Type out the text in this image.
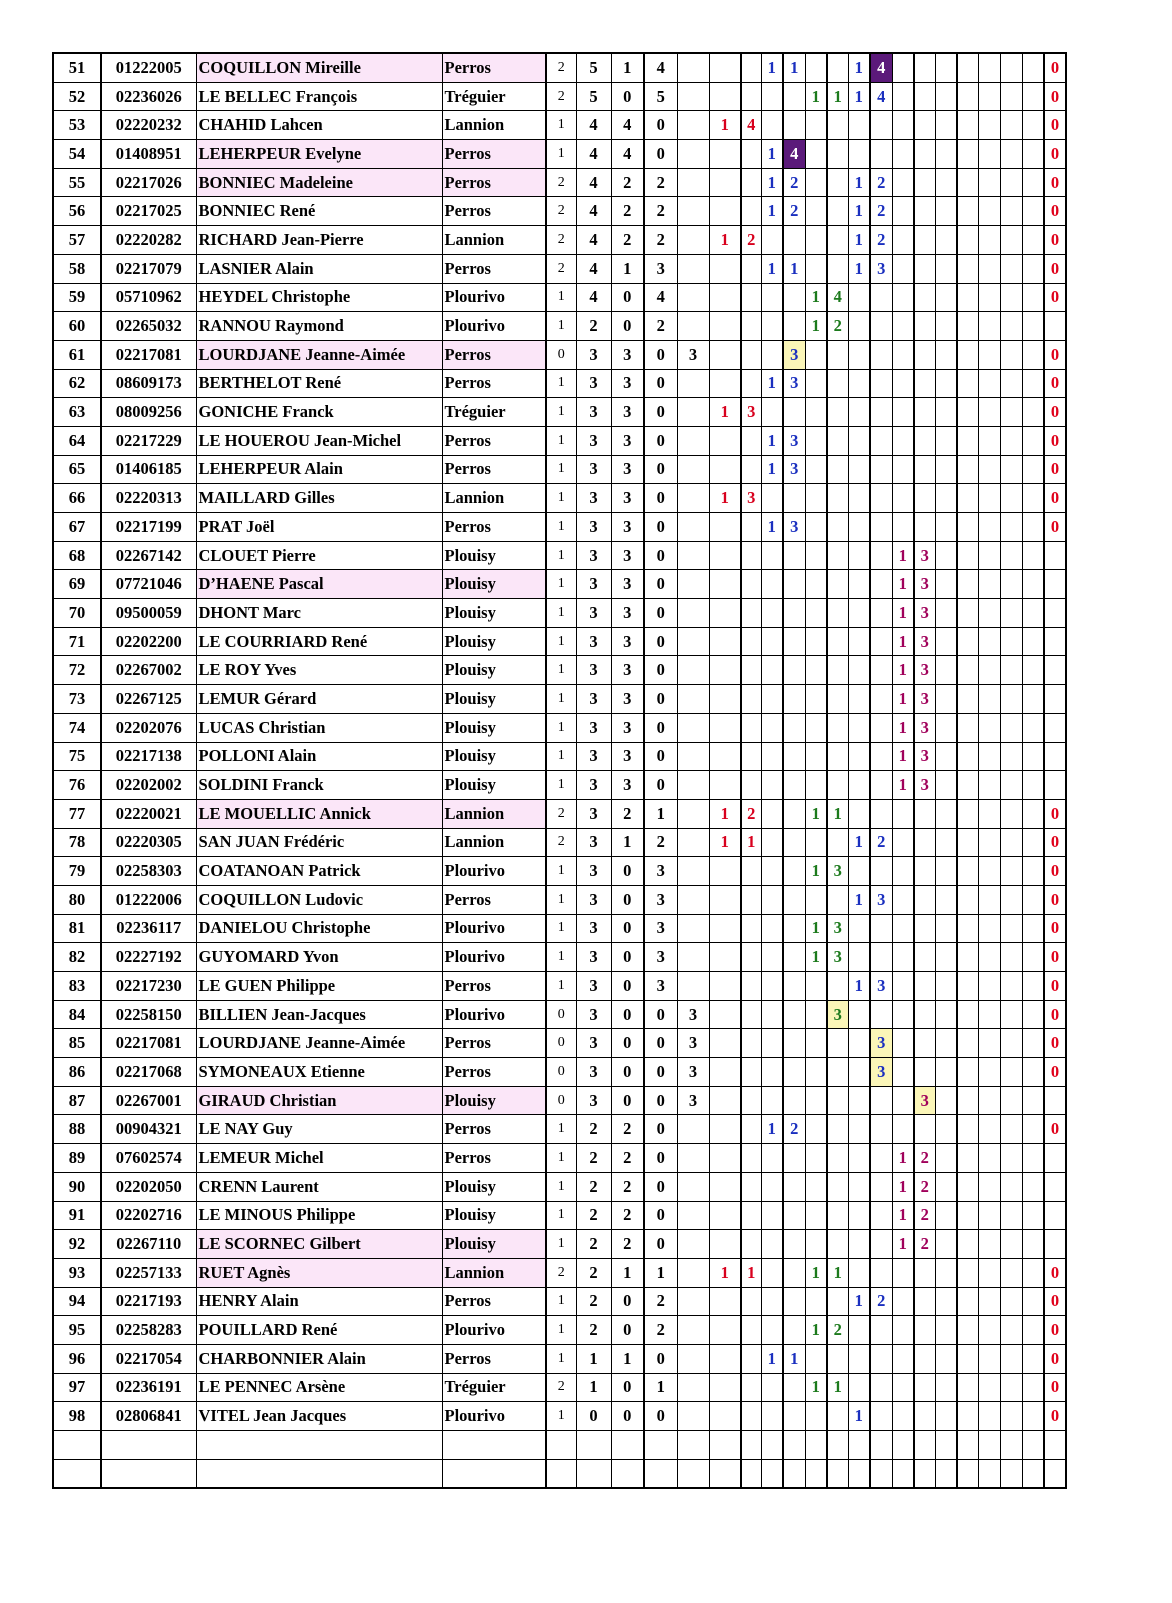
51	01222005	COQUILLON Mireille	Perros	2	5	1	4				1	1			1	4								0
52	02236026	LE BELLEC François	Tréguier	2	5	0	5						1	1	1	4								0
53	02220232	CHAHID Lahcen	Lannion	1	4	4	0		1	4														0
54	01408951	LEHERPEUR Evelyne	Perros	1	4	4	0				1	4												0
55	02217026	BONNIEC Madeleine	Perros	2	4	2	2				1	2			1	2								0
56	02217025	BONNIEC René	Perros	2	4	2	2				1	2			1	2								0
57	02220282	RICHARD Jean-Pierre	Lannion	2	4	2	2		1	2					1	2								0
58	02217079	LASNIER Alain	Perros	2	4	1	3				1	1			1	3								0
59	05710962	HEYDEL Christophe	Plourivo	1	4	0	4						1	4										0
60	02265032	RANNOU Raymond	Plourivo	1	2	0	2						1	2										
61	02217081	LOURDJANE Jeanne-Aimée	Perros	0	3	3	0	3				3												0
62	08609173	BERTHELOT René	Perros	1	3	3	0				1	3												0
63	08009256	GONICHE Franck	Tréguier	1	3	3	0		1	3														0
64	02217229	LE HOUEROU Jean-Michel	Perros	1	3	3	0				1	3												0
65	01406185	LEHERPEUR Alain	Perros	1	3	3	0				1	3												0
66	02220313	MAILLARD Gilles	Lannion	1	3	3	0		1	3														0
67	02217199	PRAT Joël	Perros	1	3	3	0				1	3												0
68	02267142	CLOUET Pierre	Plouisy	1	3	3	0										1	3						
69	07721046	D’HAENE Pascal	Plouisy	1	3	3	0										1	3						
70	09500059	DHONT Marc	Plouisy	1	3	3	0										1	3						
71	02202200	LE COURRIARD René	Plouisy	1	3	3	0										1	3						
72	02267002	LE ROY Yves	Plouisy	1	3	3	0										1	3						
73	02267125	LEMUR Gérard	Plouisy	1	3	3	0										1	3						
74	02202076	LUCAS Christian	Plouisy	1	3	3	0										1	3						
75	02217138	POLLONI Alain	Plouisy	1	3	3	0										1	3						
76	02202002	SOLDINI Franck	Plouisy	1	3	3	0										1	3						
77	02220021	LE MOUELLIC Annick	Lannion	2	3	2	1		1	2			1	1										0
78	02220305	SAN JUAN Frédéric	Lannion	2	3	1	2		1	1					1	2								0
79	02258303	COATANOAN Patrick	Plourivo	1	3	0	3						1	3										0
80	01222006	COQUILLON Ludovic	Perros	1	3	0	3								1	3								0
81	02236117	DANIELOU Christophe	Plourivo	1	3	0	3						1	3										0
82	02227192	GUYOMARD Yvon	Plourivo	1	3	0	3						1	3										0
83	02217230	LE GUEN Philippe	Perros	1	3	0	3								1	3								0
84	02258150	BILLIEN Jean-Jacques	Plourivo	0	3	0	0	3						3										0
85	02217081	LOURDJANE Jeanne-Aimée	Perros	0	3	0	0	3								3								0
86	02217068	SYMONEAUX Etienne	Perros	0	3	0	0	3								3								0
87	02267001	GIRAUD Christian	Plouisy	0	3	0	0	3										3						
88	00904321	LE NAY Guy	Perros	1	2	2	0				1	2												0
89	07602574	LEMEUR Michel	Perros	1	2	2	0										1	2						
90	02202050	CRENN Laurent	Plouisy	1	2	2	0										1	2						
91	02202716	LE MINOUS Philippe	Plouisy	1	2	2	0										1	2						
92	02267110	LE SCORNEC Gilbert	Plouisy	1	2	2	0										1	2						
93	02257133	RUET Agnès	Lannion	2	2	1	1		1	1			1	1										0
94	02217193	HENRY Alain	Perros	1	2	0	2								1	2								0
95	02258283	POUILLARD René	Plourivo	1	2	0	2						1	2										0
96	02217054	CHARBONNIER Alain	Perros	1	1	1	0				1	1												0
97	02236191	LE PENNEC Arsène	Tréguier	2	1	0	1						1	1										0
98	02806841	VITEL Jean Jacques	Plourivo	1	0	0	0								1									0
